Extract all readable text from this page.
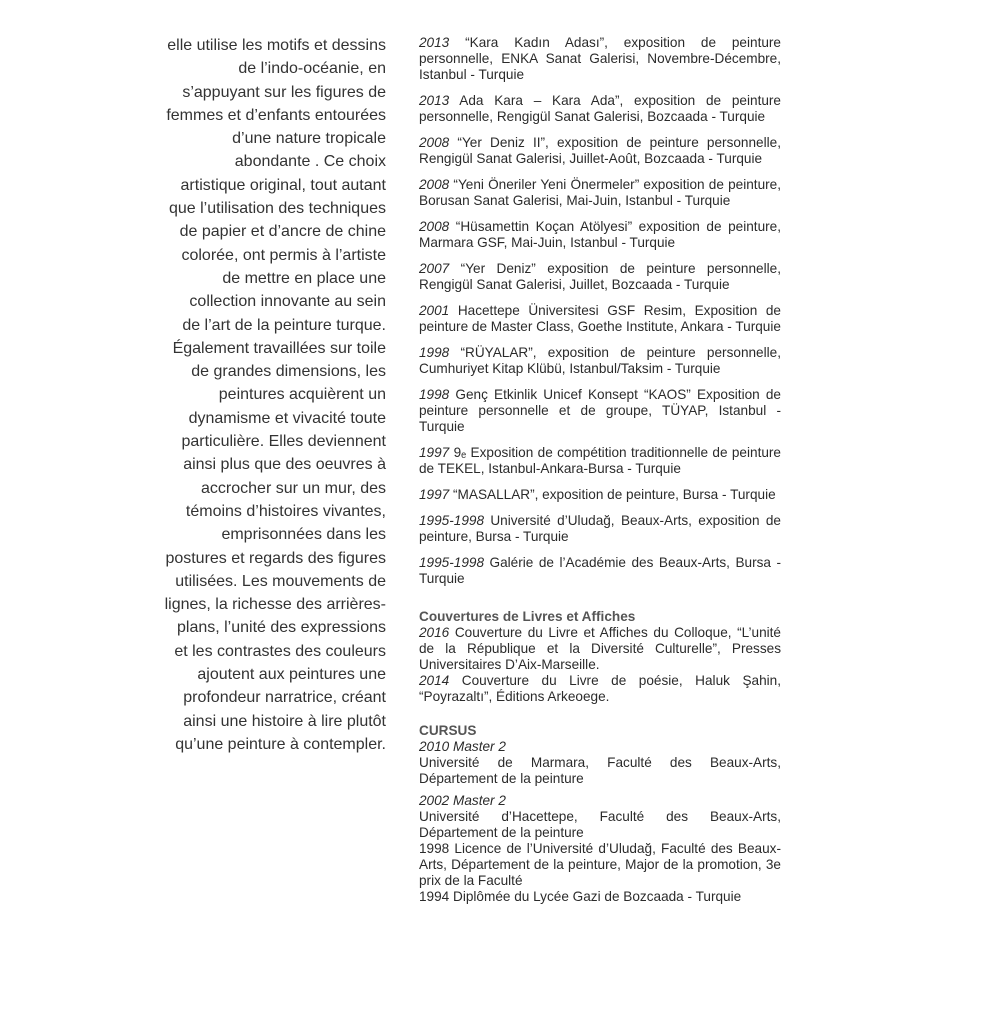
elle utilise les motifs et dessins
de l’indo-océanie, en
s’appuyant sur les figures de
femmes et d’enfants entourées
d’une nature tropicale
abondante . Ce choix
artistique original, tout autant
que l’utilisation des techniques
de papier et d’ancre de chine
colorée, ont permis à l’artiste
de mettre en place une
collection innovante au sein
de l’art de la peinture turque.
Également travaillées sur toile
de grandes dimensions, les
peintures acquièrent un
dynamisme et vivacité toute
particulière. Elles deviennent
ainsi plus que des oeuvres à
accrocher sur un mur, des
témoins d’histoires vivantes,
emprisonnées dans les
postures et regards des figures
utilisées. Les mouvements de
lignes, la richesse des arrières-
plans, l’unité des expressions
et les contrastes des couleurs
ajoutent aux peintures une
profondeur narratrice, créant
ainsi une histoire à lire plutôt
qu’une peinture à contempler.
2013 “Kara Kadın Adası”, exposition de peinture personnelle, ENKA Sanat Galerisi, Novembre-Décembre, Istanbul - Turquie
2013 Ada Kara – Kara Ada”, exposition de peinture personnelle, Rengigül Sanat Galerisi, Bozcaada - Turquie
2008 “Yer Deniz II”, exposition de peinture personnelle, Rengigül Sanat Galerisi, Juillet-Août, Bozcaada - Turquie
2008 “Yeni Öneriler Yeni Önermeler” exposition de peinture, Borusan Sanat Galerisi, Mai-Juin, Istanbul - Turquie
2008 “Hüsamettin Koçan Atölyesi” exposition de peinture, Marmara GSF, Mai-Juin, Istanbul - Turquie
2007 “Yer Deniz” exposition de peinture personnelle, Rengigül Sanat Galerisi, Juillet, Bozcaada - Turquie
2001 Hacettepe Üniversitesi GSF Resim, Exposition de peinture de Master Class, Goethe Institute, Ankara - Turquie
1998 “RÜYALAR”, exposition de peinture personnelle, Cumhuriyet Kitap Klübü, Istanbul/Taksim - Turquie
1998 Genç Etkinlik Unicef Konsept “KAOS” Exposition de peinture personnelle et de groupe, TÜYAP, Istanbul - Turquie
1997 9ₑ Exposition de compétition traditionnelle de peinture de TEKEL, Istanbul-Ankara-Bursa - Turquie
1997 “MASALLAR”, exposition de peinture, Bursa - Turquie
1995-1998 Université d’Uludağ, Beaux-Arts, exposition de peinture, Bursa - Turquie
1995-1998 Galérie de l’Académie des Beaux-Arts, Bursa - Turquie
Couvertures de Livres et Affiches
2016 Couverture du Livre et Affiches du Colloque, “L’unité de la République et la Diversité Culturelle”, Presses Universitaires D’Aix-Marseille.
2014 Couverture du Livre de poésie, Haluk Şahin, “Poyrazaltı”, Éditions Arkeoege.
CURSUS
2010 Master 2
Université de Marmara, Faculté des Beaux-Arts, Département de la peinture
2002 Master 2
Université d’Hacettepe, Faculté des Beaux-Arts, Département de la peinture
1998 Licence de l’Université d’Uludağ, Faculté des Beaux-Arts, Département de la peinture, Major de la promotion, 3e prix de la Faculté
1994 Diplômée du Lycée Gazi de Bozcaada - Turquie
